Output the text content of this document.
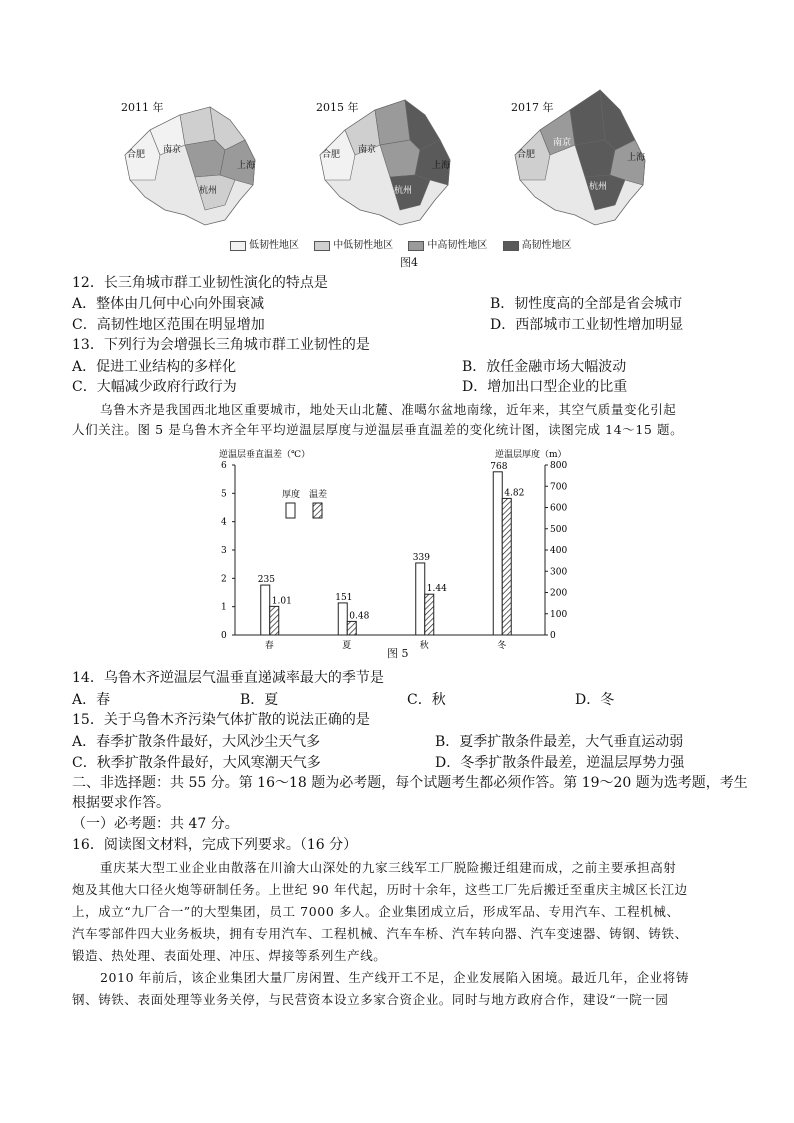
2011 年
合肥 南京
上海
杭州
2015 年
合肥 南京
上海
杭州
2017 年
合肥
南京
上海
杭州
低韧性地区	中低韧性地区	中高韧性地区	高韧性地区
图4
12．长三角城市群工业韧性演化的特点是
A．整体由几何中心向外围衰减	B．韧性度高的全部是省会城市
C．高韧性地区范围在明显增加	D．西部城市工业韧性增加明显
13．下列行为会增强长三角城市群工业韧性的是
A．促进工业结构的多样化	B．放任金融市场大幅波动
C．大幅减少政府行政行为	D．增加出口型企业的比重
乌鲁木齐是我国西北地区重要城市，地处天山北麓、准噶尔盆地南缘，近年来，其空气质量变化引起
人们关注。图 5 是乌鲁木齐全年平均逆温层厚度与逆温层垂直温差的变化统计图，读图完成 14～15 题。
逆温层垂直温差（℃）	逆温层厚度（m）
0
1
2
3
4
5
6
0
100
200
300
400
500
600
700
800
235
1.01
春
151
0.48
夏
339
1.44
秋
768
4.82
冬
厚度 温差
图 5
14．乌鲁木齐逆温层气温垂直递减率最大的季节是
A．春	B．夏	C．秋	D．冬
15．关于乌鲁木齐污染气体扩散的说法正确的是
A．春季扩散条件最好，大风沙尘天气多	B．夏季扩散条件最差，大气垂直运动弱
C．秋季扩散条件最好，大风寒潮天气多	D．冬季扩散条件最差，逆温层厚势力强
二、非选择题：共 55 分。第 16～18 题为必考题，每个试题考生都必须作答。第 19～20 题为选考题，考生
根据要求作答。
（一）必考题：共 47 分。
16．阅读图文材料，完成下列要求。（16 分）
重庆某大型工业企业由散落在川渝大山深处的九家三线军工厂脱险搬迁组建而成，之前主要承担高射
炮及其他大口径火炮等研制任务。上世纪 90 年代起，历时十余年，这些工厂先后搬迁至重庆主城区长江边
上，成立“九厂合一”的大型集团，员工 7000 多人。企业集团成立后，形成军品、专用汽车、工程机械、
汽车零部件四大业务板块，拥有专用汽车、工程机械、汽车车桥、汽车转向器、汽车变速器、铸钢、铸铁、
锻造、热处理、表面处理、冲压、焊接等系列生产线。
2010 年前后，该企业集团大量厂房闲置、生产线开工不足，企业发展陷入困境。最近几年，企业将铸
钢、铸铁、表面处理等业务关停，与民营资本设立多家合资企业。同时与地方政府合作，建设“一院一园
